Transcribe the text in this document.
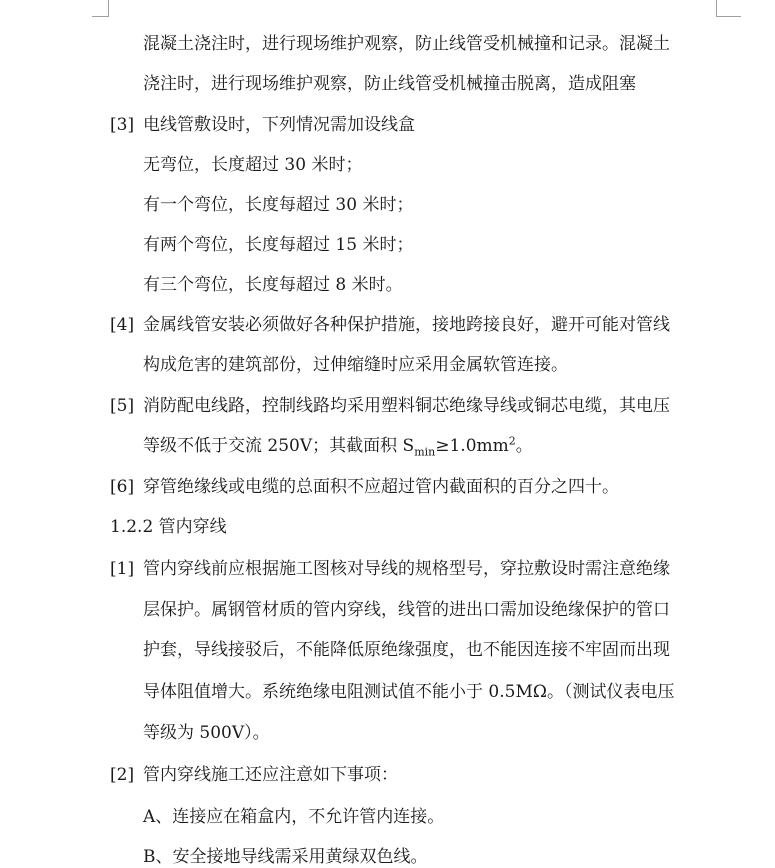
混凝土浇注时，进行现场维护观察，防止线管受机械撞和记录。混凝土
浇注时，进行现场维护观察，防止线管受机械撞击脱离，造成阻塞
[3] 电线管敷设时，下列情况需加设线盒
无弯位，长度超过 30 米时；
有一个弯位，长度每超过 30 米时；
有两个弯位，长度每超过 15 米时；
有三个弯位，长度每超过 8 米时。
[4] 金属线管安装必须做好各种保护措施，接地跨接良好，避开可能对管线
构成危害的建筑部份，过伸缩缝时应采用金属软管连接。
[5] 消防配电线路，控制线路均采用塑料铜芯绝缘导线或铜芯电缆，其电压
等级不低于交流 250V；其截面积 $S_{min}\ge 1.0mm^2$。
[6] 穿管绝缘线或电缆的总面积不应超过管内截面积的百分之四十。
1.2.2 管内穿线
[1] 管内穿线前应根据施工图核对导线的规格型号，穿拉敷设时需注意绝缘
层保护。属钢管材质的管内穿线，线管的进出口需加设绝缘保护的管口
护套，导线接驳后，不能降低原绝缘强度，也不能因连接不牢固而出现
导体阻值增大。系统绝缘电阻测试值不能小于 0.5MΩ。（测试仪表电压
等级为 500V）。
[2] 管内穿线施工还应注意如下事项：
A、连接应在箱盒内，不允许管内连接。
B、安全接地导线需采用黄绿双色线。
